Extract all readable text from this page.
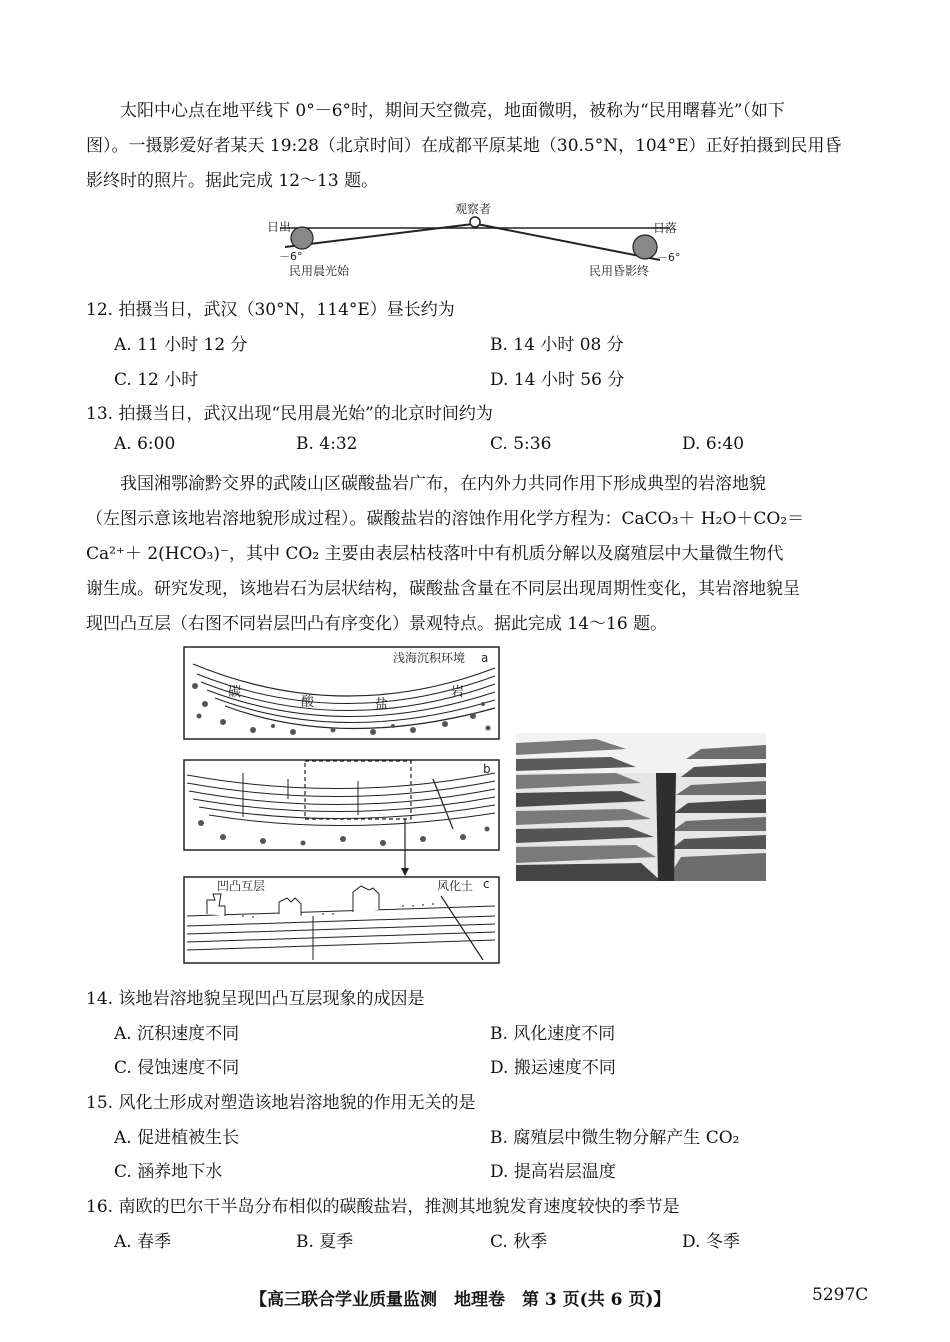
太阳中心点在地平线下 0°－6°时，期间天空微亮，地面微明，被称为“民用曙暮光”（如下
图）。一摄影爱好者某天 19:28（北京时间）在成都平原某地（30.5°N，104°E）正好拍摄到民用昏
影终时的照片。据此完成 12～13 题。
观察者
日出	日落
－6°	－6°
民用晨光始	民用昏影终
12. 拍摄当日，武汉（30°N，114°E）昼长约为
A. 11 小时 12 分	B. 14 小时 08 分
C. 12 小时	D. 14 小时 56 分
13. 拍摄当日，武汉出现“民用晨光始”的北京时间约为
A. 6:00	B. 4:32	C. 5:36	D. 6:40
我国湘鄂渝黔交界的武陵山区碳酸盐岩广布，在内外力共同作用下形成典型的岩溶地貌
（左图示意该地岩溶地貌形成过程）。碳酸盐岩的溶蚀作用化学方程为：CaCO₃＋ H₂O＋CO₂＝
Ca²⁺＋ 2(HCO₃)⁻，其中 CO₂ 主要由表层枯枝落叶中有机质分解以及腐殖层中大量微生物代
谢生成。研究发现，该地岩石为层状结构，碳酸盐含量在不同层出现周期性变化，其岩溶地貌呈
现凹凸互层（右图不同岩层凹凸有序变化）景观特点。据此完成 14～16 题。
浅海沉积环境 a
碳
酸	盐
岩
b
凹凸互层	风化土 c
14. 该地岩溶地貌呈现凹凸互层现象的成因是
A. 沉积速度不同	B. 风化速度不同
C. 侵蚀速度不同	D. 搬运速度不同
15. 风化土形成对塑造该地岩溶地貌的作用无关的是
A. 促进植被生长	B. 腐殖层中微生物分解产生 CO₂
C. 涵养地下水	D. 提高岩层温度
16. 南欧的巴尔干半岛分布相似的碳酸盐岩，推测其地貌发育速度较快的季节是
A. 春季	B. 夏季	C. 秋季	D. 冬季
【高三联合学业质量监测　地理卷　第 3 页(共 6 页)】	5297C
